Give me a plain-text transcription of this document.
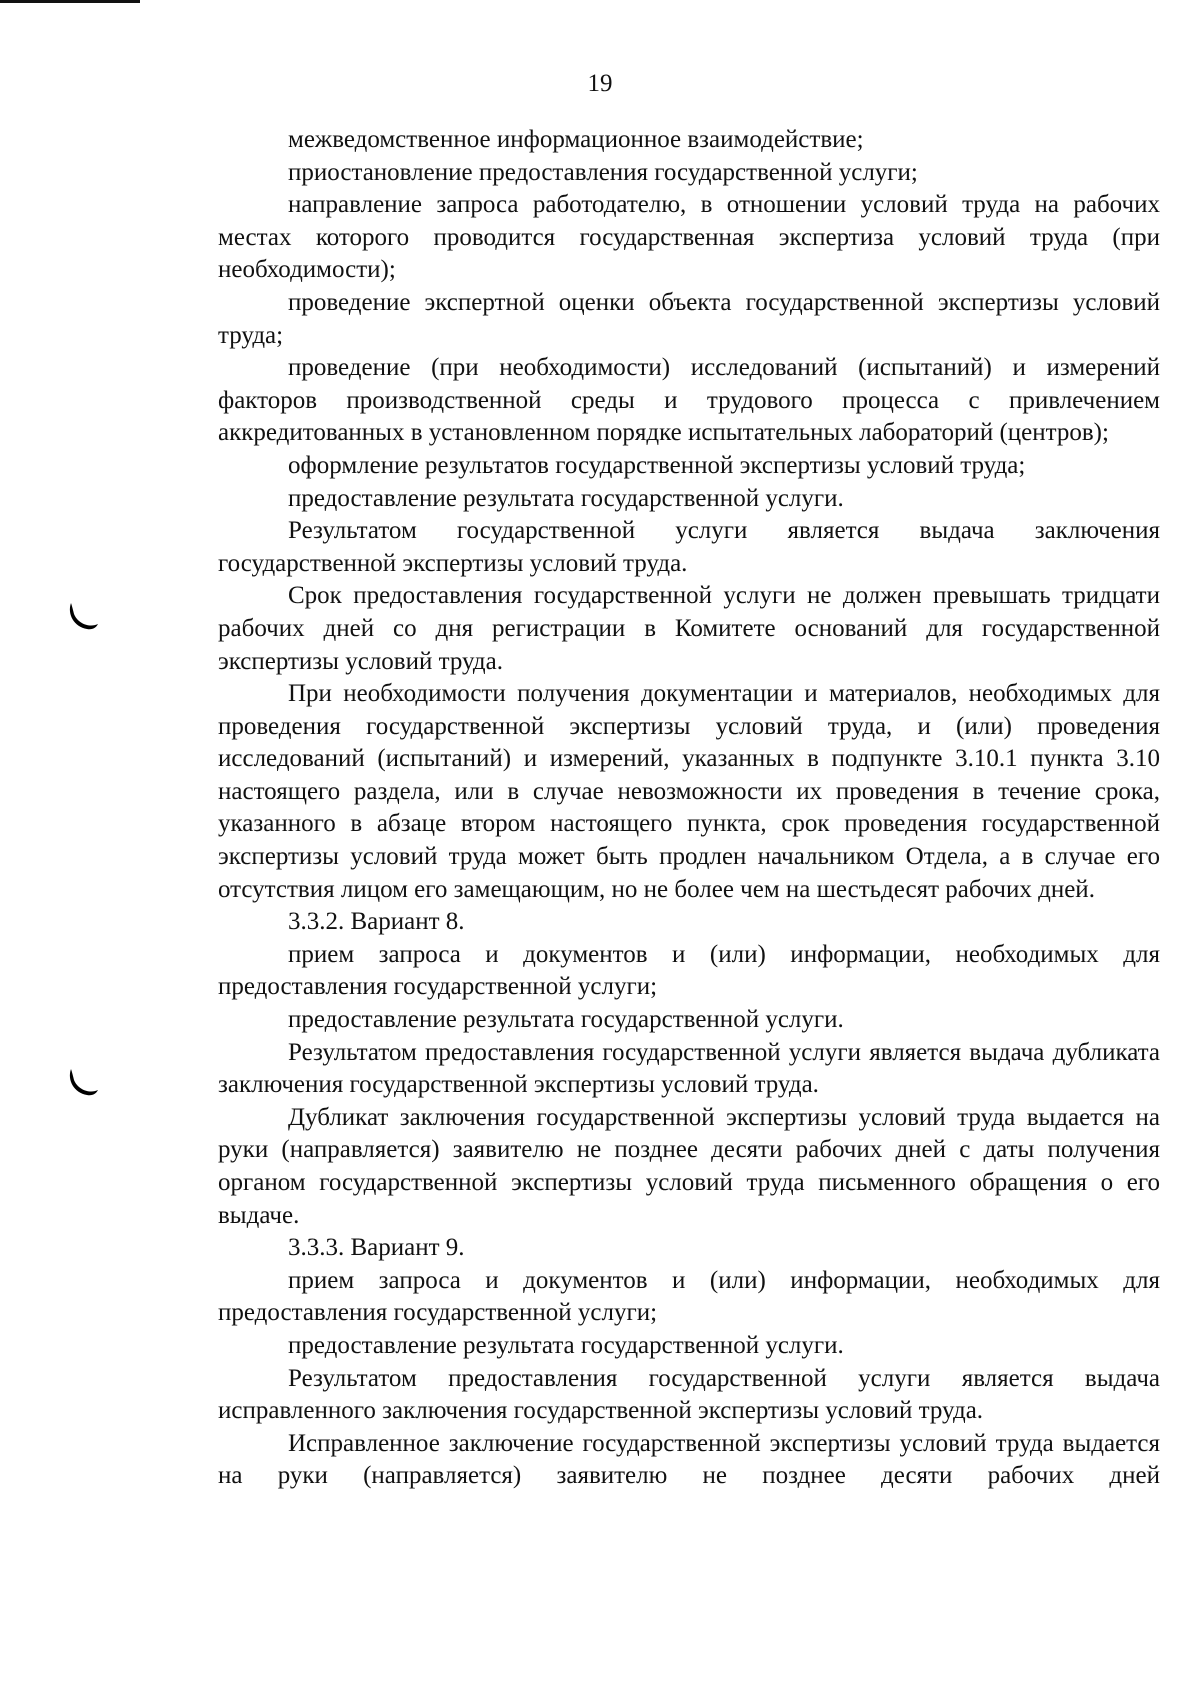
19

межведомственное информационное взаимодействие;

приостановление предоставления государственной услуги;

направление запроса работодателю, в отношении условий труда на рабочих местах которого проводится государственная экспертиза условий труда (при необходимости);

проведение экспертной оценки объекта государственной экспертизы условий труда;

проведение (при необходимости) исследований (испытаний) и измерений факторов производственной среды и трудового процесса с привлечением аккредитованных в установленном порядке испытательных лабораторий (центров);

оформление результатов государственной экспертизы условий труда;

предоставление результата государственной услуги.

Результатом государственной услуги является выдача заключения государственной экспертизы условий труда.

Срок предоставления государственной услуги не должен превышать тридцати рабочих дней со дня регистрации в Комитете оснований для государственной экспертизы условий труда.

При необходимости получения документации и материалов, необходимых для проведения государственной экспертизы условий труда, и (или) проведения исследований (испытаний) и измерений, указанных в подпункте 3.10.1 пункта 3.10 настоящего раздела, или в случае невозможности их проведения в течение срока, указанного в абзаце втором настоящего пункта, срок проведения государственной экспертизы условий труда может быть продлен начальником Отдела, а в случае его отсутствия лицом его замещающим, но не более чем на шестьдесят рабочих дней.

3.3.2. Вариант 8.

прием запроса и документов и (или) информации, необходимых для предоставления государственной услуги;

предоставление результата государственной услуги.

Результатом предоставления государственной услуги является выдача дубликата заключения государственной экспертизы условий труда.

Дубликат заключения государственной экспертизы условий труда выдается на руки (направляется) заявителю не позднее десяти рабочих дней с даты получения органом государственной экспертизы условий труда письменного обращения о его выдаче.

3.3.3. Вариант 9.

прием запроса и документов и (или) информации, необходимых для предоставления государственной услуги;

предоставление результата государственной услуги.

Результатом предоставления государственной услуги является выдача исправленного заключения государственной экспертизы условий труда.

Исправленное заключение государственной экспертизы условий труда выдается на руки (направляется) заявителю не позднее десяти рабочих дней
